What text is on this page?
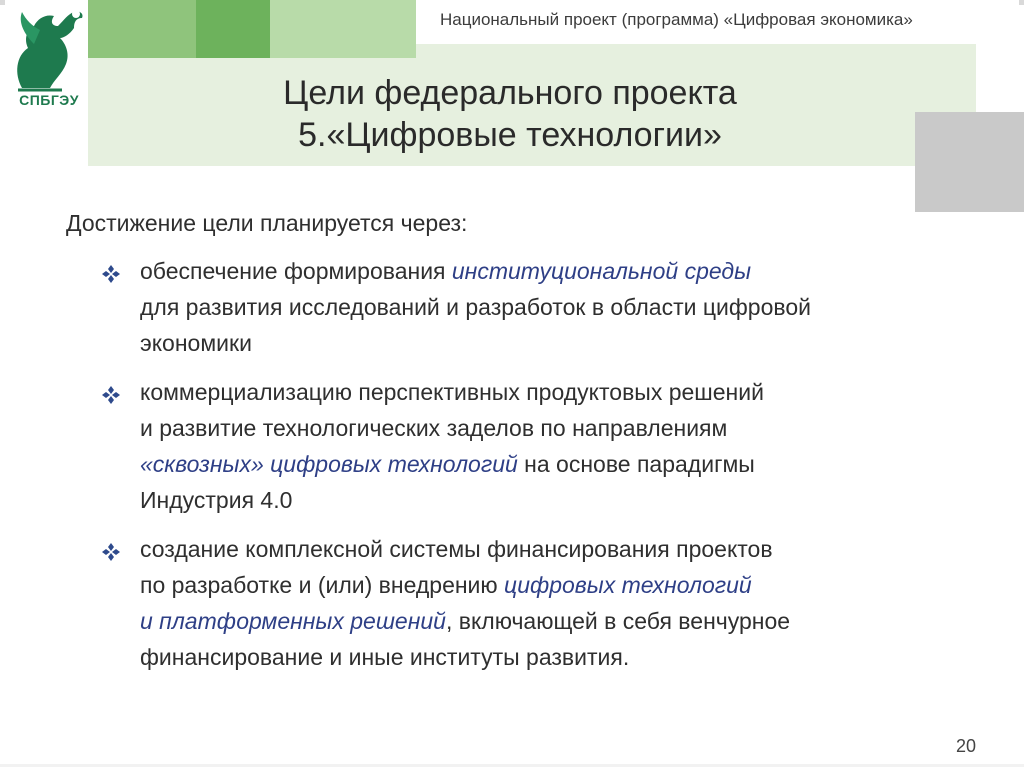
Национальный проект (программа) «Цифровая экономика»
СПБГЭУ	Цели федерального проекта
5.«Цифровые технологии»
Достижение цели планируется через:
обеспечение формирования институциональной среды
для развития исследований и разработок в области цифровой
экономики
коммерциализацию перспективных продуктовых решений
и развитие технологических заделов по направлениям
«сквозных» цифровых технологий на основе парадигмы
Индустрия 4.0
создание комплексной системы финансирования проектов
по разработке и (или) внедрению цифровых технологий
и платформенных решений, включающей в себя венчурное
финансирование и иные институты развития.
20
